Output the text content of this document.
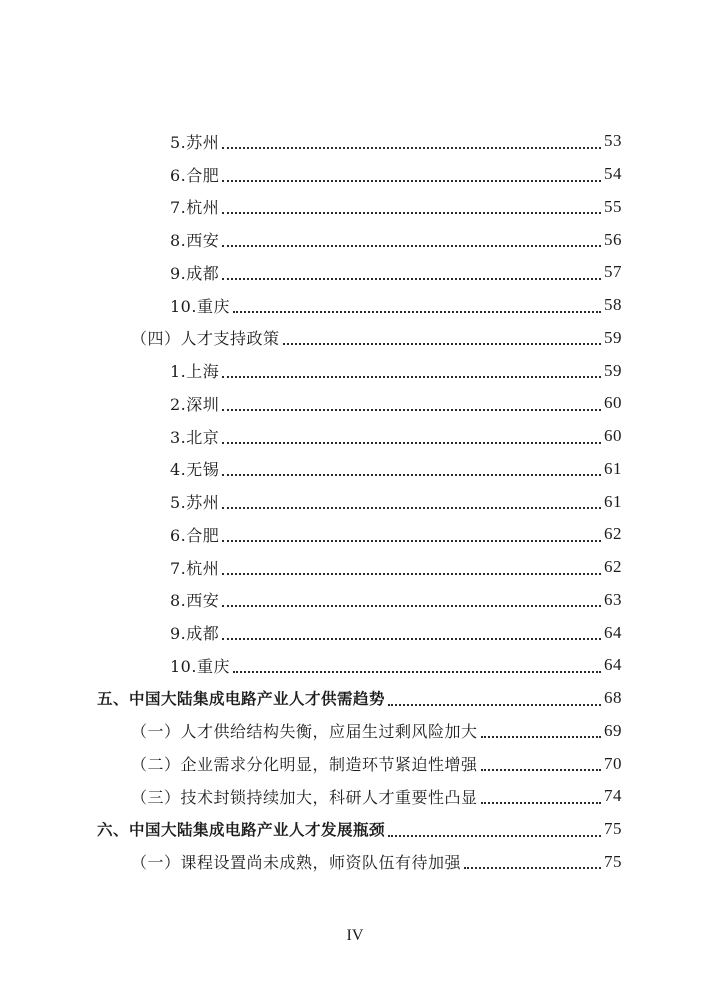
5.苏州	53
6.合肥	54
7.杭州	55
8.西安	56
9.成都	57
10.重庆	58
（四）人才支持政策	59
1.上海	59
2.深圳	60
3.北京	60
4.无锡	61
5.苏州	61
6.合肥	62
7.杭州	62
8.西安	63
9.成都	64
10.重庆	64
五、中国大陆集成电路产业人才供需趋势	68
（一）人才供给结构失衡，应届生过剩风险加大	69
（二）企业需求分化明显，制造环节紧迫性增强	70
（三）技术封锁持续加大，科研人才重要性凸显	74
六、中国大陆集成电路产业人才发展瓶颈	75
（一）课程设置尚未成熟，师资队伍有待加强	75
IV
